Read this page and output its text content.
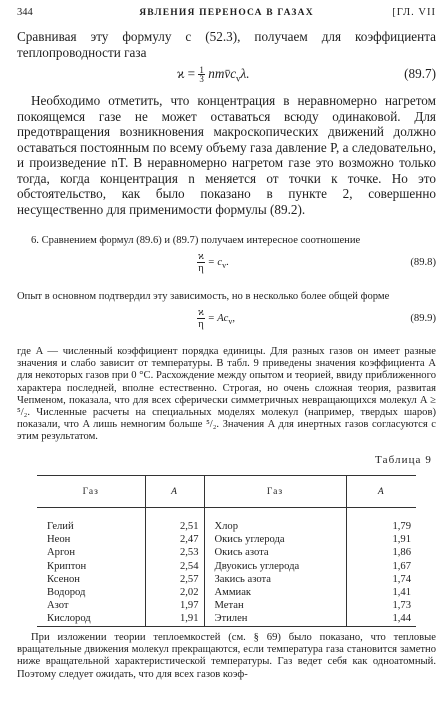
344	ЯВЛЕНИЯ ПЕРЕНОСА В ГАЗАХ	[ГЛ. VII

Сравнивая эту формулу с (52.3), получаем для коэффициента теплопроводности газа

$ϰ = \frac{1}{3}$ $nmv̄c_v\lambda$.	(89.7)

Необходимо отметить, что концентрация в неравномерно нагретом покоящемся газе не может оставаться всюду одинаковой. Для предотвращения возникновения макроскопических движений должно оставаться постоянным по всему объему газа давление P, а следовательно, и произведение nT. В неравномерно нагретом газе это возможно только тогда, когда концентрация n меняется от точки к точке. Но это обстоятельство, как было показано в пункте 2, совершенно несущественно для применимости формулы (89.2).

6. Сравнением формул (89.6) и (89.7) получаем интересное соотношение

$\frac{ϰ}{\eta} = c_v$.	(89.8)

Опыт в основном подтвердил эту зависимость, но в несколько более общей форме

$\frac{ϰ}{\eta} = Ac_v$,	(89.9)

где A — численный коэффициент порядка единицы. Для разных газов он имеет разные значения и слабо зависит от температуры. В табл. 9 приведены значения коэффициента A для некоторых газов при 0 °С. Расхождение между опытом и теорией, ввиду приближенного характера последней, вполне естественно. Строгая, но очень сложная теория, развитая Чепменом, показала, что для всех сферически симметричных невращающихся молекул A ≥ ⁵/₂. Численные расчеты на специальных моделях молекул (например, твердых шаров) показали, что A лишь немногим больше ⁵/₂. Значения A для инертных газов согласуются с этим результатом.

Таблица 9
Газ	A	Газ	A

Гелий	2,51	Хлор	1,79
Неон	2,47	Окись углерода	1,91
Аргон	2,53	Окись азота	1,86
Криптон	2,54	Двуокись углерода	1,67
Ксенон	2,57	Закись азота	1,74
Водород	2,02	Аммиак	1,41
Азот	1,97	Метан	1,73
Кислород	1,91	Этилен	1,44

При изложении теории теплоемкостей (см. § 69) было показано, что тепловые вращательные движения молекул прекращаются, если температура газа становится заметно ниже вращательной характеристической температуры. Газ ведет себя как одноатомный. Поэтому следует ожидать, что для всех газов коэф-
